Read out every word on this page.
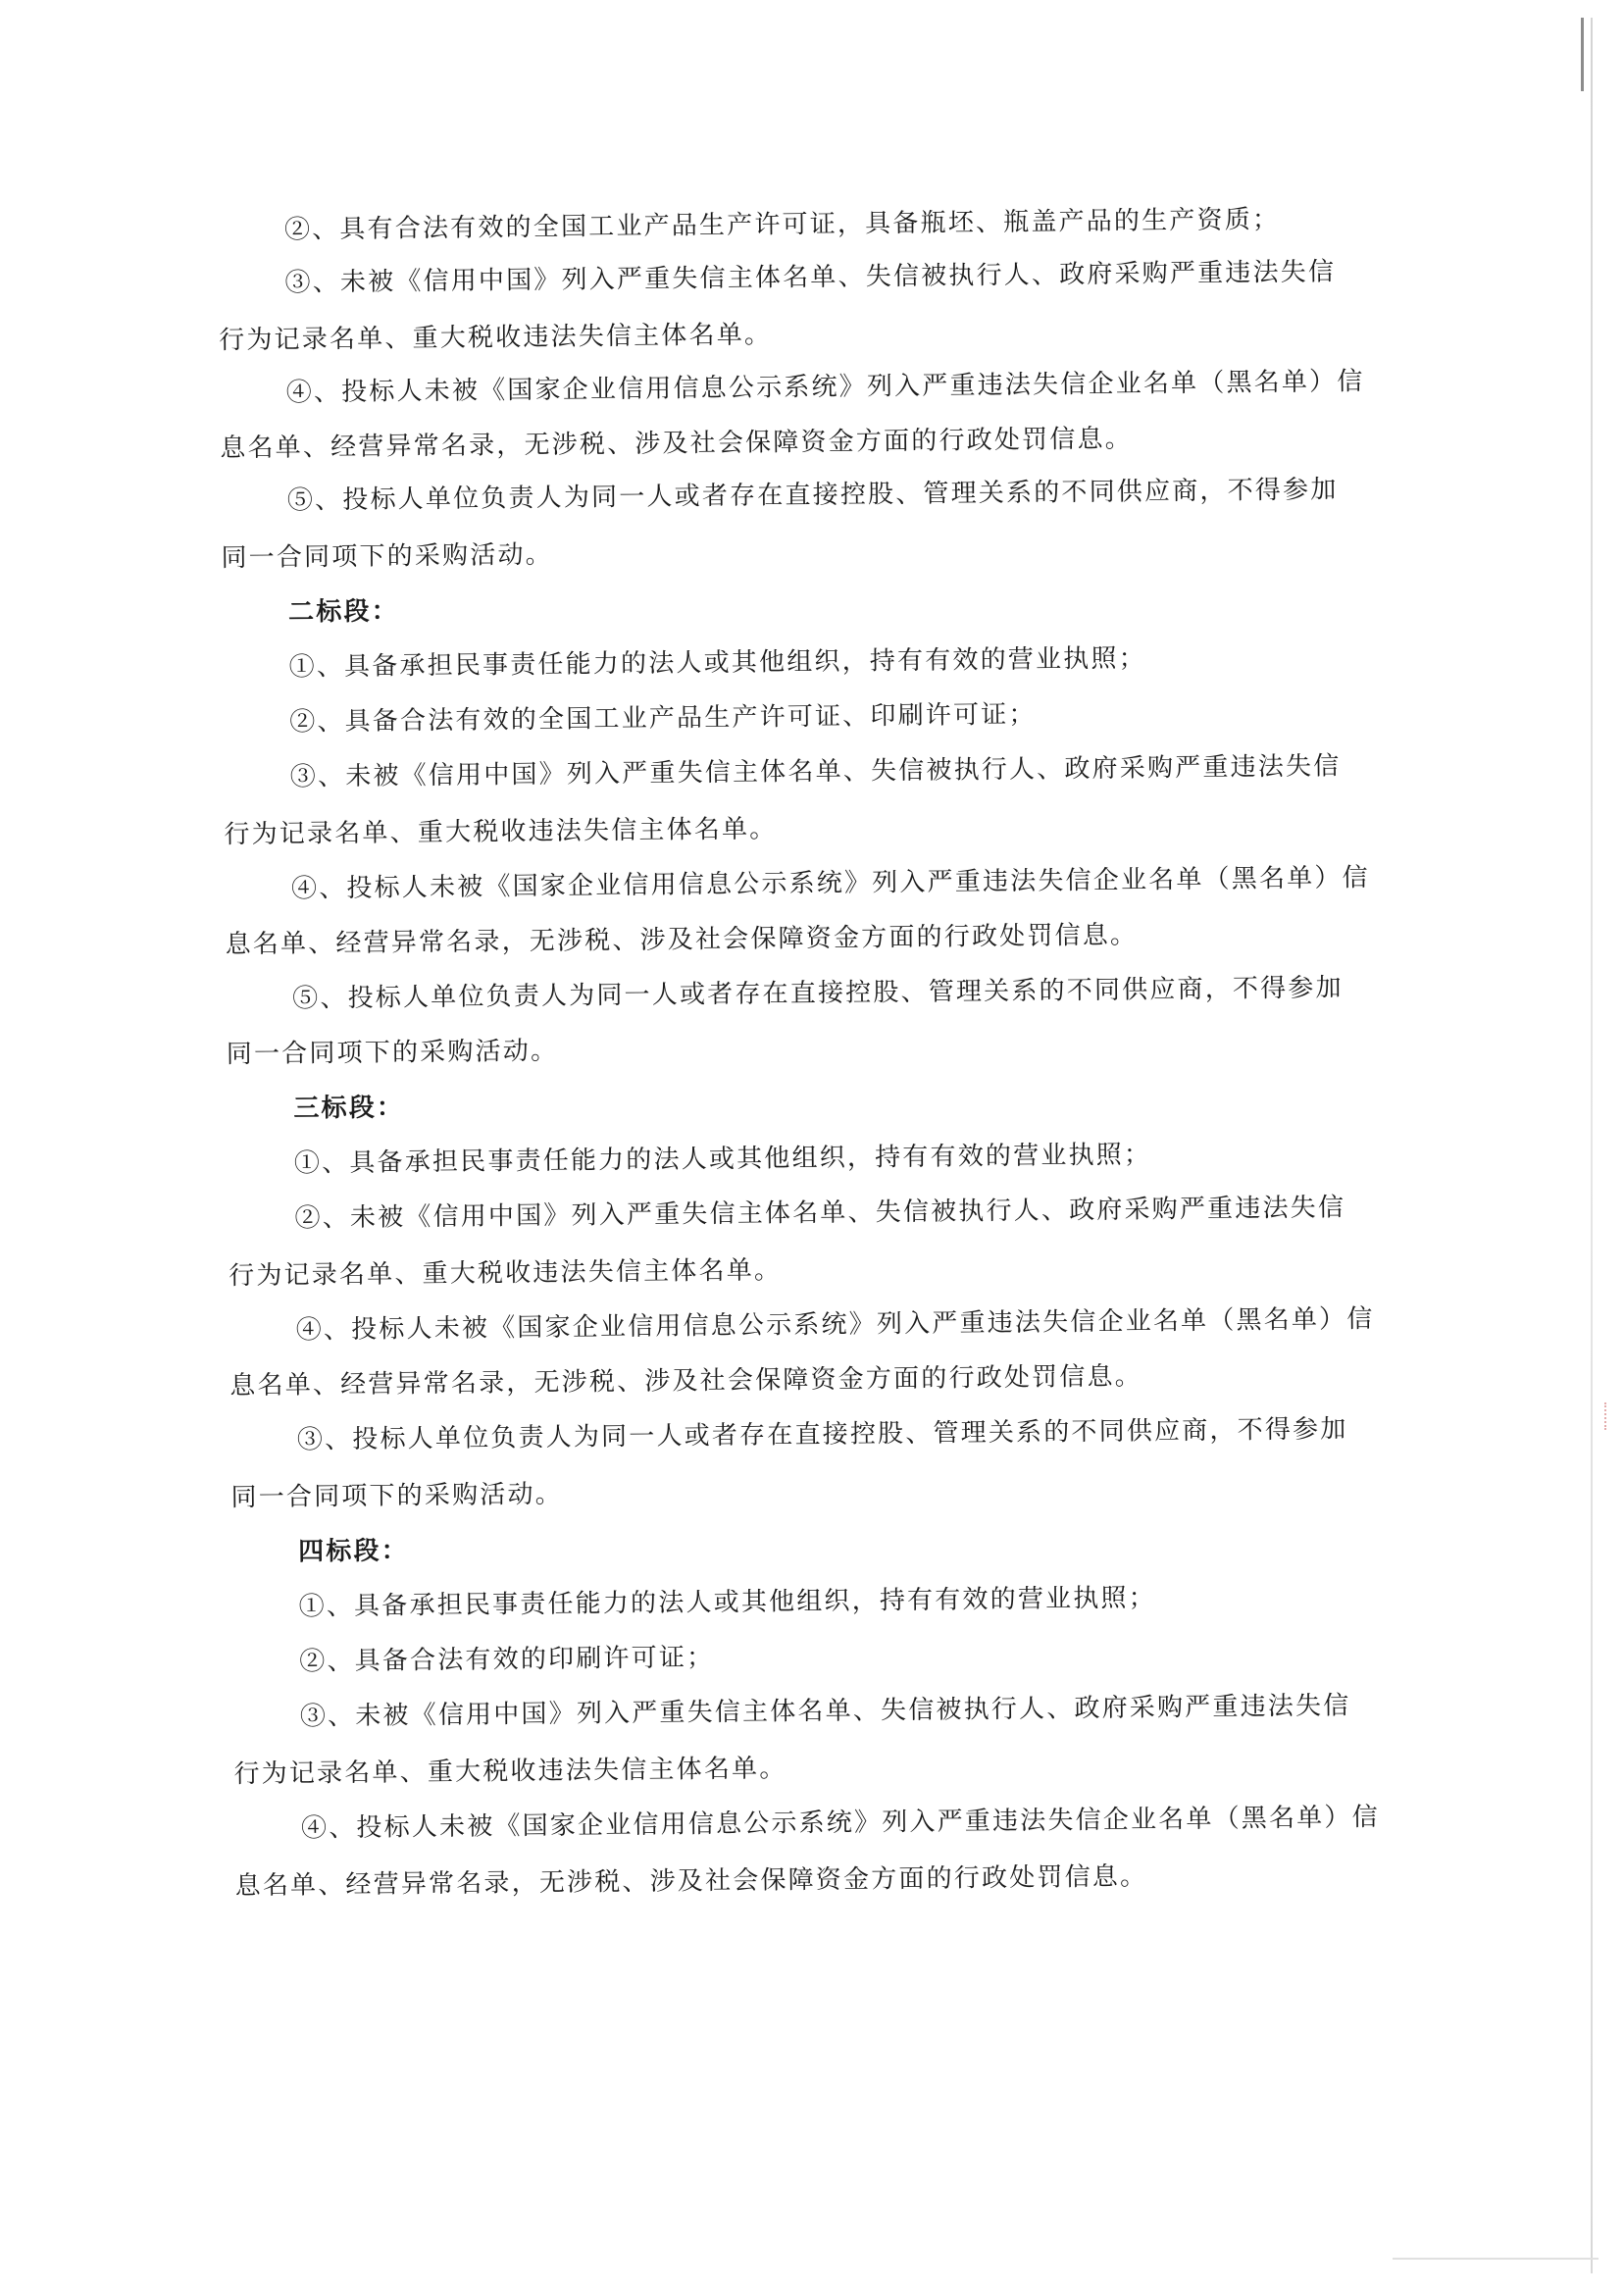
②、具有合法有效的全国工业产品生产许可证，具备瓶坯、瓶盖产品的生产资质；
③、未被《信用中国》列入严重失信主体名单、失信被执行人、政府采购严重违法失信
行为记录名单、重大税收违法失信主体名单。
④、投标人未被《国家企业信用信息公示系统》列入严重违法失信企业名单（黑名单）信
息名单、经营异常名录，无涉税、涉及社会保障资金方面的行政处罚信息。
⑤、投标人单位负责人为同一人或者存在直接控股、管理关系的不同供应商，不得参加
同一合同项下的采购活动。
二标段：
①、具备承担民事责任能力的法人或其他组织，持有有效的营业执照；
②、具备合法有效的全国工业产品生产许可证、印刷许可证；
③、未被《信用中国》列入严重失信主体名单、失信被执行人、政府采购严重违法失信
行为记录名单、重大税收违法失信主体名单。
④、投标人未被《国家企业信用信息公示系统》列入严重违法失信企业名单（黑名单）信
息名单、经营异常名录，无涉税、涉及社会保障资金方面的行政处罚信息。
⑤、投标人单位负责人为同一人或者存在直接控股、管理关系的不同供应商，不得参加
同一合同项下的采购活动。
三标段：
①、具备承担民事责任能力的法人或其他组织，持有有效的营业执照；
②、未被《信用中国》列入严重失信主体名单、失信被执行人、政府采购严重违法失信
行为记录名单、重大税收违法失信主体名单。
④、投标人未被《国家企业信用信息公示系统》列入严重违法失信企业名单（黑名单）信
息名单、经营异常名录，无涉税、涉及社会保障资金方面的行政处罚信息。
③、投标人单位负责人为同一人或者存在直接控股、管理关系的不同供应商，不得参加
同一合同项下的采购活动。
四标段：
①、具备承担民事责任能力的法人或其他组织，持有有效的营业执照；
②、具备合法有效的印刷许可证；
③、未被《信用中国》列入严重失信主体名单、失信被执行人、政府采购严重违法失信
行为记录名单、重大税收违法失信主体名单。
④、投标人未被《国家企业信用信息公示系统》列入严重违法失信企业名单（黑名单）信
息名单、经营异常名录，无涉税、涉及社会保障资金方面的行政处罚信息。
